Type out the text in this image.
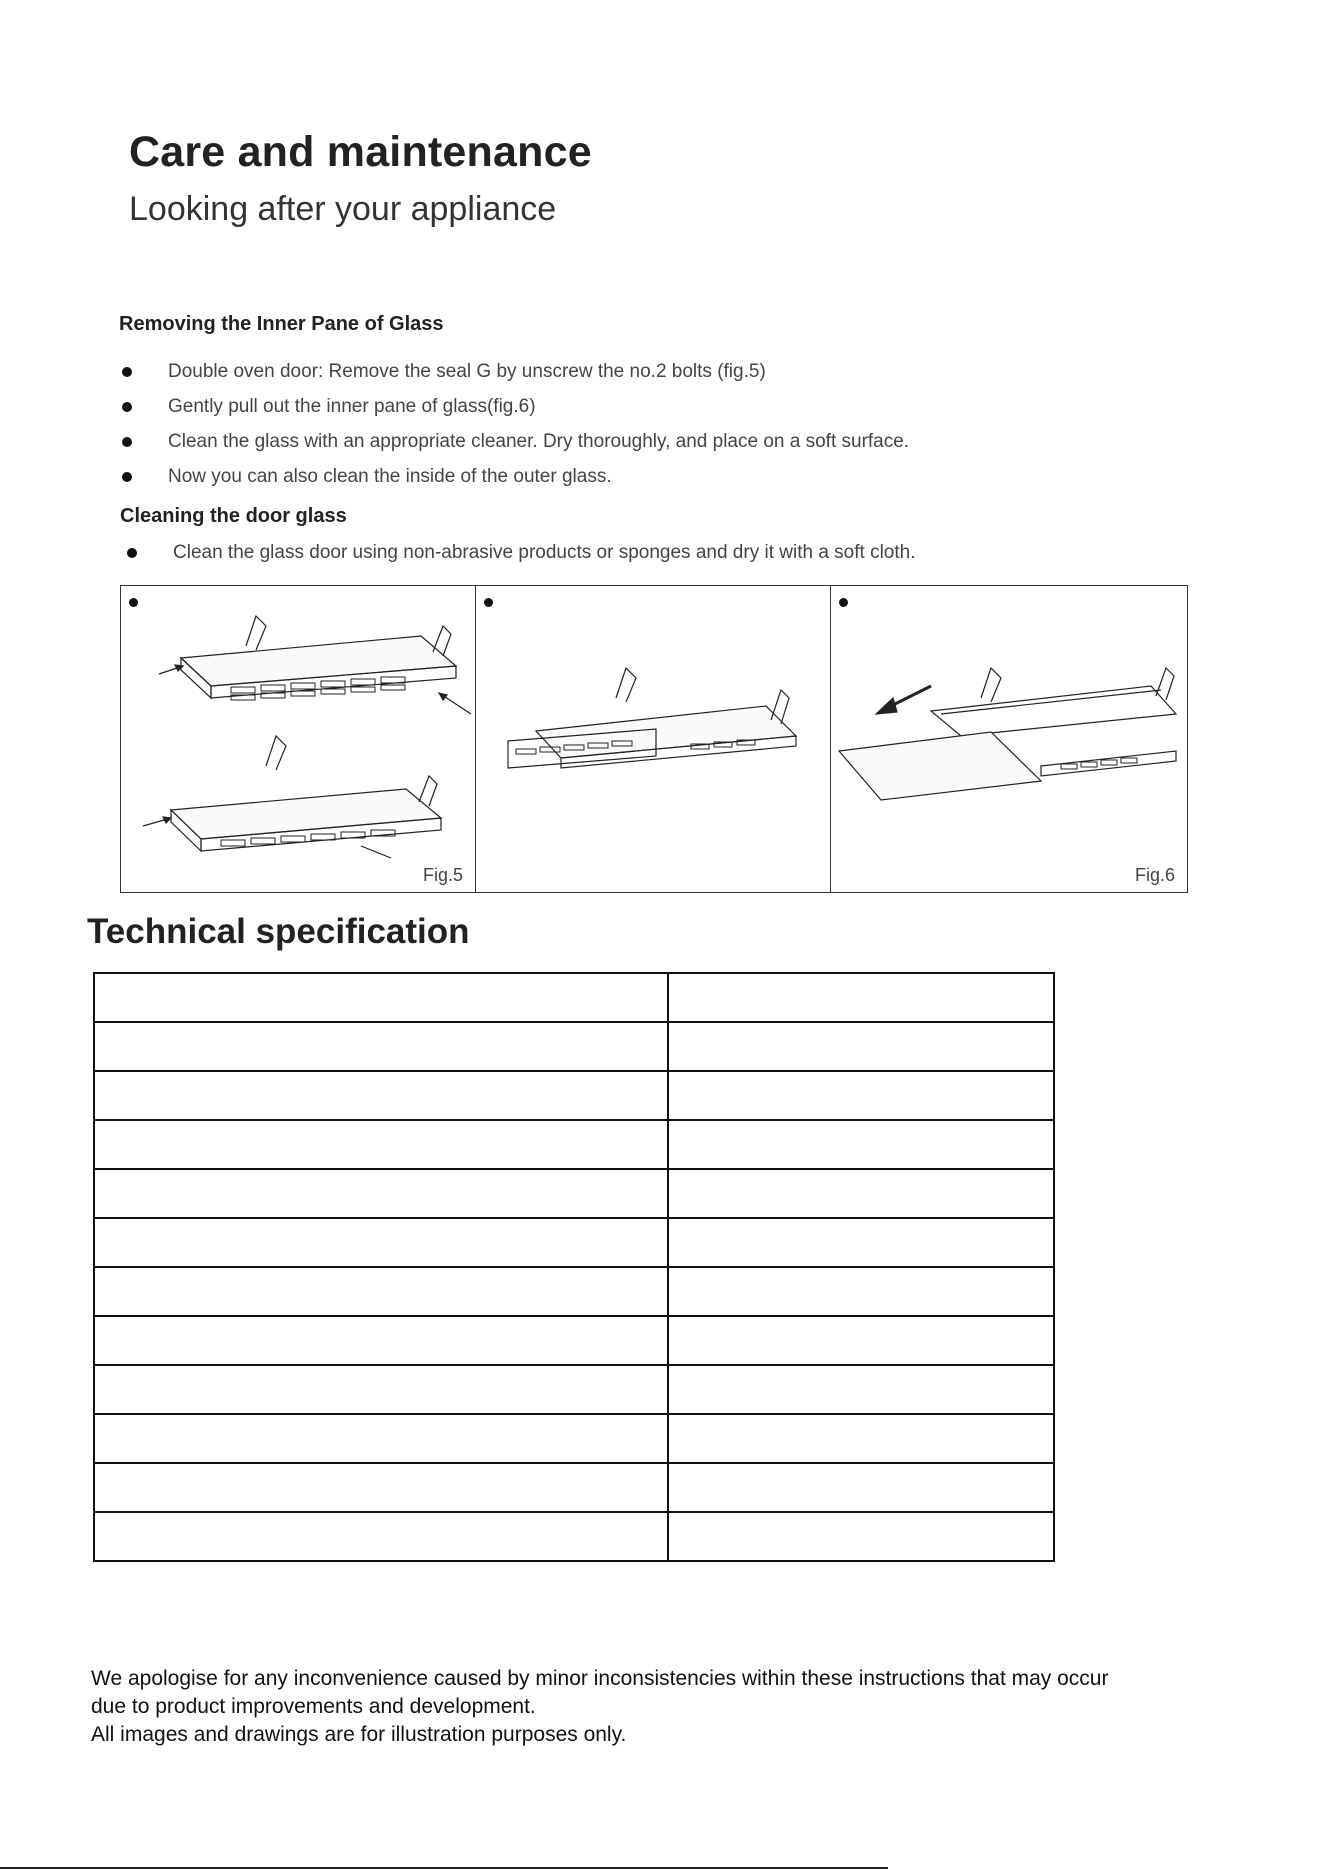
Care and maintenance
Looking after your appliance
Removing the Inner Pane of Glass
Double oven door: Remove the seal G by unscrew the no.2 bolts (fig.5)
Gently pull out the inner pane of glass(fig.6)
Clean the glass with an appropriate cleaner. Dry thoroughly, and place on a soft surface.
Now you can also clean the inside of the outer glass.
Cleaning the door glass
Clean the glass door using non-abrasive products or sponges and dry it with a soft cloth.
Fig.5	Fig.6
Technical specification

We apologise for any inconvenience caused by minor inconsistencies within these instructions that may occur

due to product improvements and development.

All images and drawings are for illustration purposes only.
